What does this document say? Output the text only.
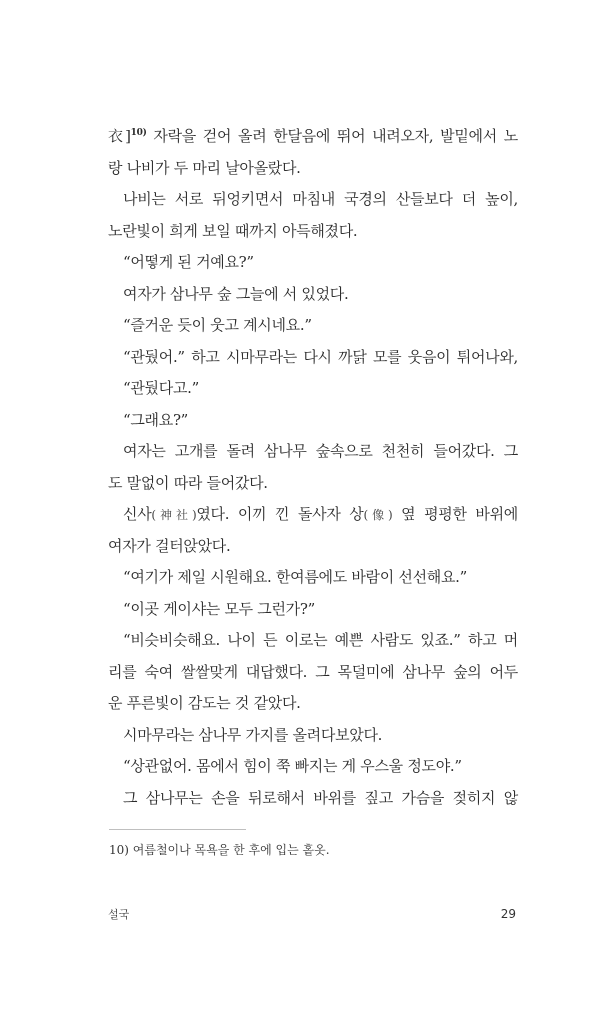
衣]$^{10)}$ 자락을 걷어 올려 한달음에 뛰어 내려오자, 발밑에서 노
랑 나비가 두 마리 날아올랐다.
나비는 서로 뒤엉키면서 마침내 국경의 산들보다 더 높이,
노란빛이 희게 보일 때까지 아득해졌다.
“어떻게 된 거예요?”
여자가 삼나무 숲 그늘에 서 있었다.
“즐거운 듯이 웃고 계시네요.”
“관뒀어.” 하고 시마무라는 다시 까닭 모를 웃음이 튀어나와,
“관뒀다고.”
“그래요?”
여자는 고개를 돌려 삼나무 숲속으로 천천히 들어갔다. 그
도 말없이 따라 들어갔다.
신사(神社)였다. 이끼 낀 돌사자 상(像) 옆 평평한 바위에
여자가 걸터앉았다.
“여기가 제일 시원해요. 한여름에도 바람이 선선해요.”
“이곳 게이샤는 모두 그런가?”
“비슷비슷해요. 나이 든 이로는 예쁜 사람도 있죠.” 하고 머
리를 숙여 쌀쌀맞게 대답했다. 그 목덜미에 삼나무 숲의 어두
운 푸른빛이 감도는 것 같았다.
시마무라는 삼나무 가지를 올려다보았다.
“상관없어. 몸에서 힘이 쭉 빠지는 게 우스울 정도야.”
그 삼나무는 손을 뒤로해서 바위를 짚고 가슴을 젖히지 않
10) 여름철이나 목욕을 한 후에 입는 홑옷.
설국	29
